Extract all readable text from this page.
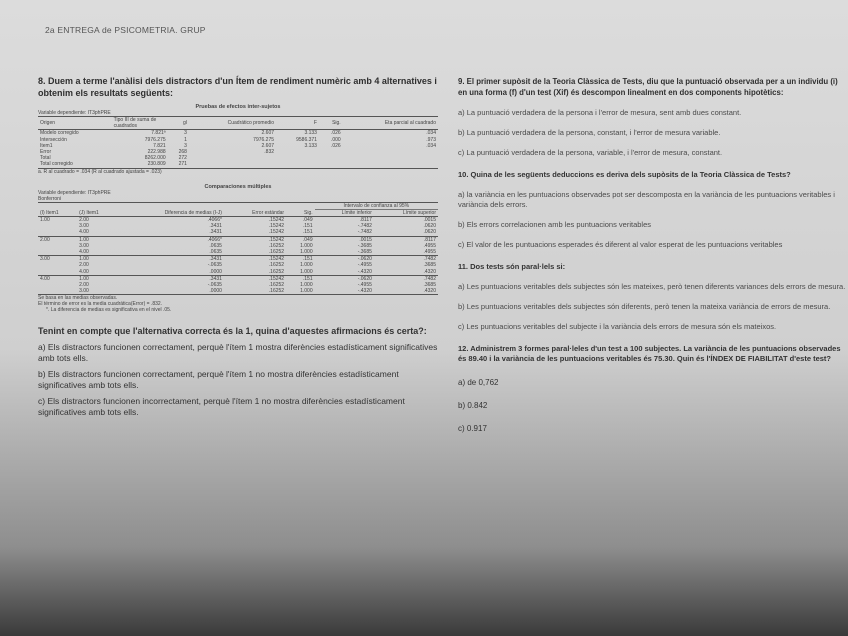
2a ENTREGA de PSICOMETRIA. GRUP
8. Duem a terme l'anàlisi dels distractors d'un Ítem de rendiment numèric amb 4 alternatives i obtenim els resultats següents:
Pruebas de efectos inter-sujetos
Variable dependiente: IT3phPRE
Origen	Tipo III de suma de cuadrados	gl	Cuadrático promedio	F	Sig.	Eta parcial al cuadrado
Modelo corregido	7.821ª	3	2.607	3.133	.026	.034
Intersección	7976.275	1	7976.275	9586.371	.000	.973
Item1	7.821	3	2.607	3.133	.026	.034
Error	222.988	268	.832			
Total	8262.000	272				
Total corregido	230.809	271				
a. R al cuadrado = .034 (R al cuadrado ajustada = .023)
Comparaciones múltiples
Variable dependiente: IT3phPRE
Bonferroni
					Intervalo de confianza al 95%	
(I) Item1	(J) Item1	Diferencia de medias (I-J)	Error estándar	Sig.	Límite inferior	Límite superior
1.00	2.00	.4066*	.15242	.049	.8117	.0015
	3.00	.3431	.15242	.151	-.7482	.0620
	4.00	.3431	.15242	.151	-.7482	.0620
2.00	1.00	.4066*	.15242	.049	.0015	.8117
	3.00	.0635	.16252	1.000	-.3685	.4955
	4.00	.0635	.16252	1.000	-.3685	.4955
3.00	1.00	.3431	.15242	.151	-.0620	.7482
	2.00	-.0635	.16252	1.000	-.4955	.3685
	4.00	.0000	.16252	1.000	-.4320	.4320
4.00	1.00	.3431	.15242	.151	-.0620	.7482
	2.00	-.0635	.16252	1.000	-.4955	.3685
	3.00	.0000	.16252	1.000	-.4320	.4320
Se basa en las medias observadas.
El término de error es la media cuadrática(Error) = .832.
*. La diferencia de medias es significativa en el nivel .05.
Tenint en compte que l'alternativa correcta és la 1, quina d'aquestes afirmacions és certa?:
a) Els distractors funcionen correctament, perquè l'ítem 1 mostra diferències estadísticament significatives amb tots ells.
b) Els distractors funcionen correctament, perquè l'ítem 1 no mostra diferències estadísticament significatives amb tots ells.
c) Els distractors funcionen incorrectament, perquè l'ítem 1 no mostra diferències estadísticament significatives amb tots ells.
9. El primer supòsit de la Teoria Clàssica de Tests, diu que la puntuació observada per a un individu (i) en una forma (f) d'un test (Xif) és descompon linealment en dos components hipotètics:
a) La puntuació verdadera de la persona i l'error de mesura, sent amb dues constant.
b) La puntuació verdadera de la persona, constant, i l'error de mesura variable.
c) La puntuació verdadera de la persona, variable, i l'error de mesura, constant.
10. Quina de les següents deduccions es deriva dels supòsits de la Teoria Clàssica de Tests?
a) la variància en les puntuacions observades pot ser descomposta en la variància de les puntuacions veritables i variància dels errors.
b) Els errors correlacionen amb les puntuacions veritables
c) El valor de les puntuacions esperades és diferent al valor esperat de les puntuacions veritables
11. Dos tests són paral·lels si:
a) Les puntuacions veritables dels subjectes són les mateixes, però tenen diferents variances dels errors de mesura.
b) Les puntuacions veritables dels subjectes són diferents, però tenen la mateixa variància de errors de mesura.
c) Les puntuacions veritables del subjecte i la variància dels errors de mesura són els mateixos.
12. Administrem 3 formes paral·leles d'un test a 100 subjectes. La variància de les puntuacions observades és 89.40 i la variància de les puntuacions veritables és 75.30. Quin és l'ÍNDEX DE FIABILITAT d'este test?
a) de 0,762
b) 0.842
c) 0.917
